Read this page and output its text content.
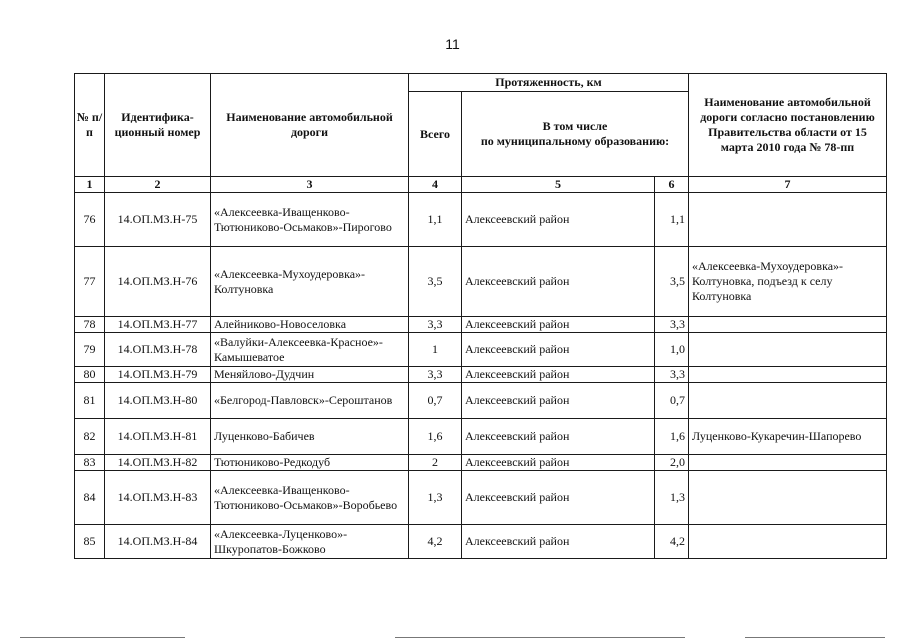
11
№ п/п	Идентифика-ционный номер	Наименование автомобильной дороги	Протяженность, км			Наименование автомобильной дороги согласно постановлению Правительства области от 15 марта 2010 года № 78-пп
			Всего	В том числе
по муниципальному образованию:		

1	2	3	4	5	6	7
76	14.ОП.МЗ.Н-75	«Алексеевка-Иващенково-Тютюниково-Осьмаков»-Пирогово	1,1	Алексеевский район	1,1	
77	14.ОП.МЗ.Н-76	«Алексеевка-Мухоудеровка»-Колтуновка	3,5	Алексеевский район	3,5	«Алексеевка-Мухоудеровка»-Колтуновка, подъезд к селу Колтуновка
78	14.ОП.МЗ.Н-77	Алейниково-Новоселовка	3,3	Алексеевский район	3,3	
79	14.ОП.МЗ.Н-78	«Валуйки-Алексеевка-Красное»-Камышеватое	1	Алексеевский район	1,0	
80	14.ОП.МЗ.Н-79	Меняйлово-Дудчин	3,3	Алексеевский район	3,3	
81	14.ОП.МЗ.Н-80	«Белгород-Павловск»-Сероштанов	0,7	Алексеевский район	0,7	
82	14.ОП.МЗ.Н-81	Луценково-Бабичев	1,6	Алексеевский район	1,6	Луценково-Кукаречин-Шапорево
83	14.ОП.МЗ.Н-82	Тютюниково-Редкодуб	2	Алексеевский район	2,0	
84	14.ОП.МЗ.Н-83	«Алексеевка-Иващенково-Тютюниково-Осьмаков»-Воробьево	1,3	Алексеевский район	1,3	
85	14.ОП.МЗ.Н-84	«Алексеевка-Луценково»-Шкуропатов-Божково	4,2	Алексеевский район	4,2	
